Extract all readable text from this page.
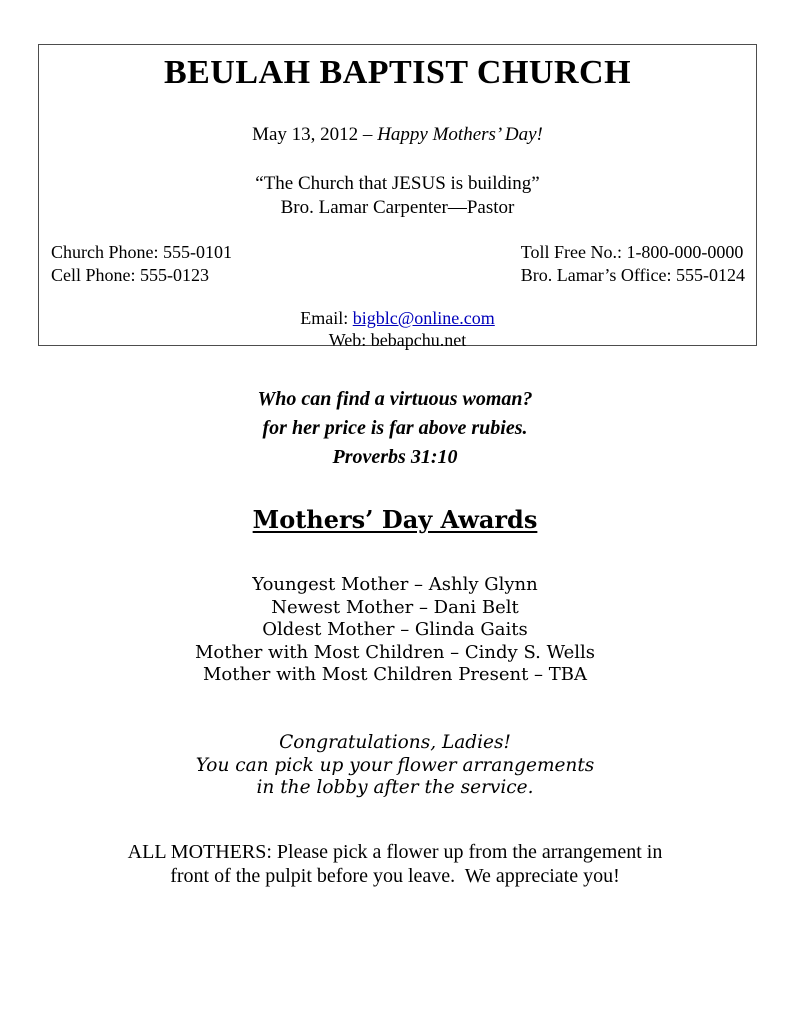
BEULAH BAPTIST CHURCH
May 13, 2012 – Happy Mothers’ Day!
“The Church that JESUS is building”
Bro. Lamar Carpenter—Pastor
Church Phone: 555-0101
Cell Phone: 555-0123
Toll Free No.: 1-800-000-0000
Bro. Lamar’s Office: 555-0124
Email: bigblc@online.com
Web: bebapchu.net
Who can find a virtuous woman?
for her price is far above rubies.
Proverbs 31:10
Mothers’ Day Awards
Youngest Mother – Ashly Glynn
Newest Mother – Dani Belt
Oldest Mother – Glinda Gaits
Mother with Most Children – Cindy S. Wells
Mother with Most Children Present – TBA
Congratulations, Ladies!
You can pick up your flower arrangements
in the lobby after the service.
ALL MOTHERS: Please pick a flower up from the arrangement in
front of the pulpit before you leave.  We appreciate you!
